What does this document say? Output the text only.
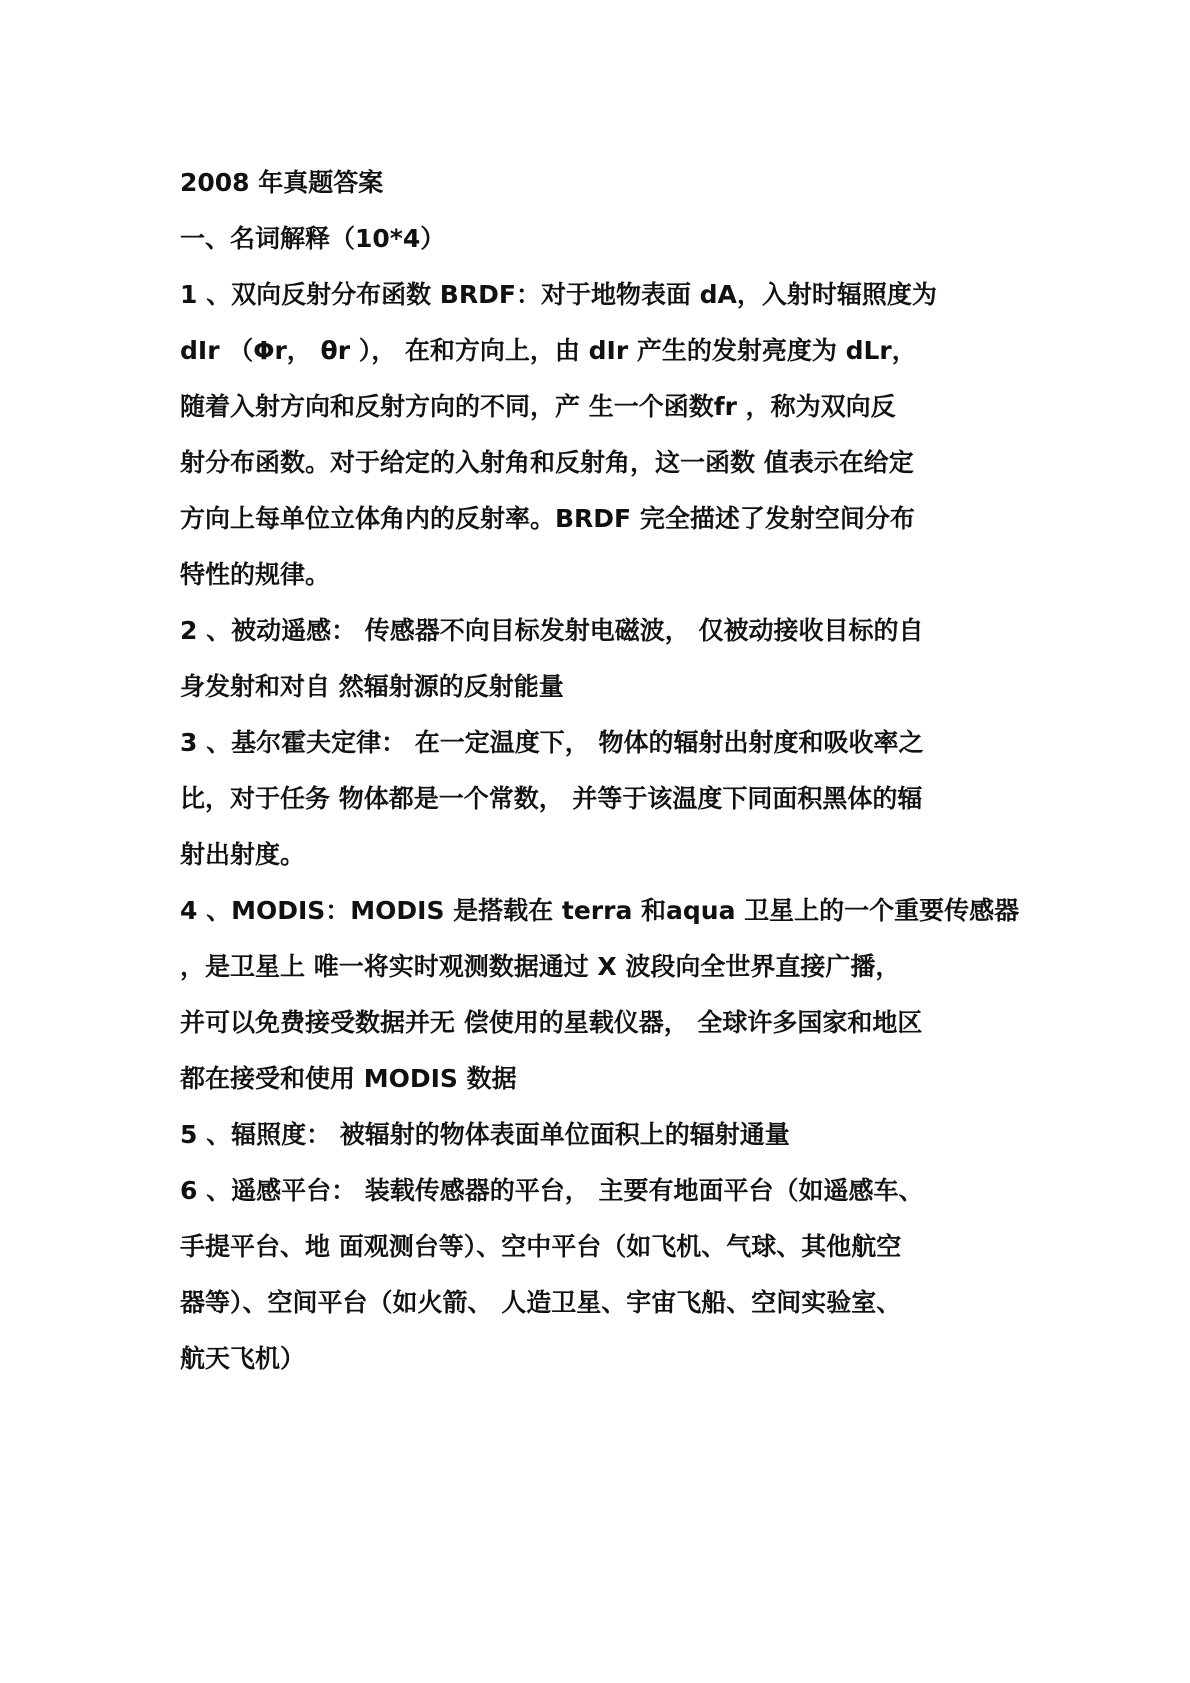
2008 年真题答案
一、名词解释（10*4）
1 、双向反射分布函数 BRDF：对于地物表面 dA，入射时辐照度为
dIr （Φr， θr ）， 在和方向上，由 dIr 产生的发射亮度为 dLr，
随着入射方向和反射方向的不同，产 生一个函数fr ，称为双向反
射分布函数。对于给定的入射角和反射角，这一函数 值表示在给定
方向上每单位立体角内的反射率。BRDF 完全描述了发射空间分布
特性的规律。
2 、被动遥感： 传感器不向目标发射电磁波， 仅被动接收目标的自
身发射和对自 然辐射源的反射能量
3 、基尔霍夫定律： 在一定温度下， 物体的辐射出射度和吸收率之
比，对于任务 物体都是一个常数， 并等于该温度下同面积黑体的辐
射出射度。
4 、MODIS：MODIS 是搭载在 terra 和aqua 卫星上的一个重要传感器
，是卫星上 唯一将实时观测数据通过 X 波段向全世界直接广播，
并可以免费接受数据并无 偿使用的星载仪器， 全球许多国家和地区
都在接受和使用 MODIS 数据
5 、辐照度： 被辐射的物体表面单位面积上的辐射通量
6 、遥感平台： 装载传感器的平台， 主要有地面平台（如遥感车、
手提平台、地 面观测台等）、空中平台（如飞机、气球、其他航空
器等）、空间平台（如火箭、 人造卫星、宇宙飞船、空间实验室、
航天飞机）
